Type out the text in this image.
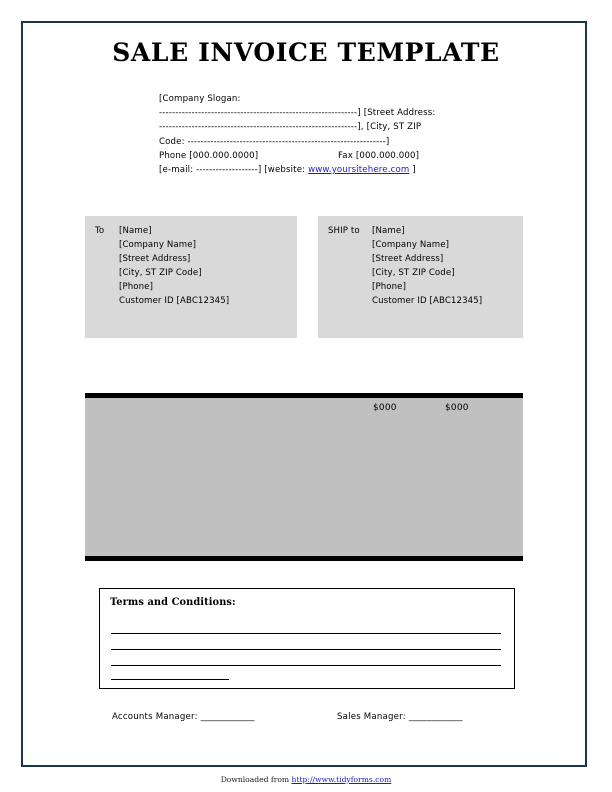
SALE INVOICE TEMPLATE
[Company Slogan:
-------------------------------------------------------------] [Street Address:
-------------------------------------------------------------], [City, ST ZIP
Code: -------------------------------------------------------------]
Phone [000.000.0000]	Fax [000.000.000]
[e-mail: -------------------] [website: www.yoursitehere.com ]
To [Name]
[Company Name]
[Street Address]
[City, ST ZIP Code]
[Phone]
Customer ID [ABC12345]
SHIP to [Name]
[Company Name]
[Street Address]
[City, ST ZIP Code]
[Phone]
Customer ID [ABC12345]
$000	$000
Terms and Conditions:
Accounts Manager: ____________	Sales Manager: ____________
Downloaded from http://www.tidyforms.com
